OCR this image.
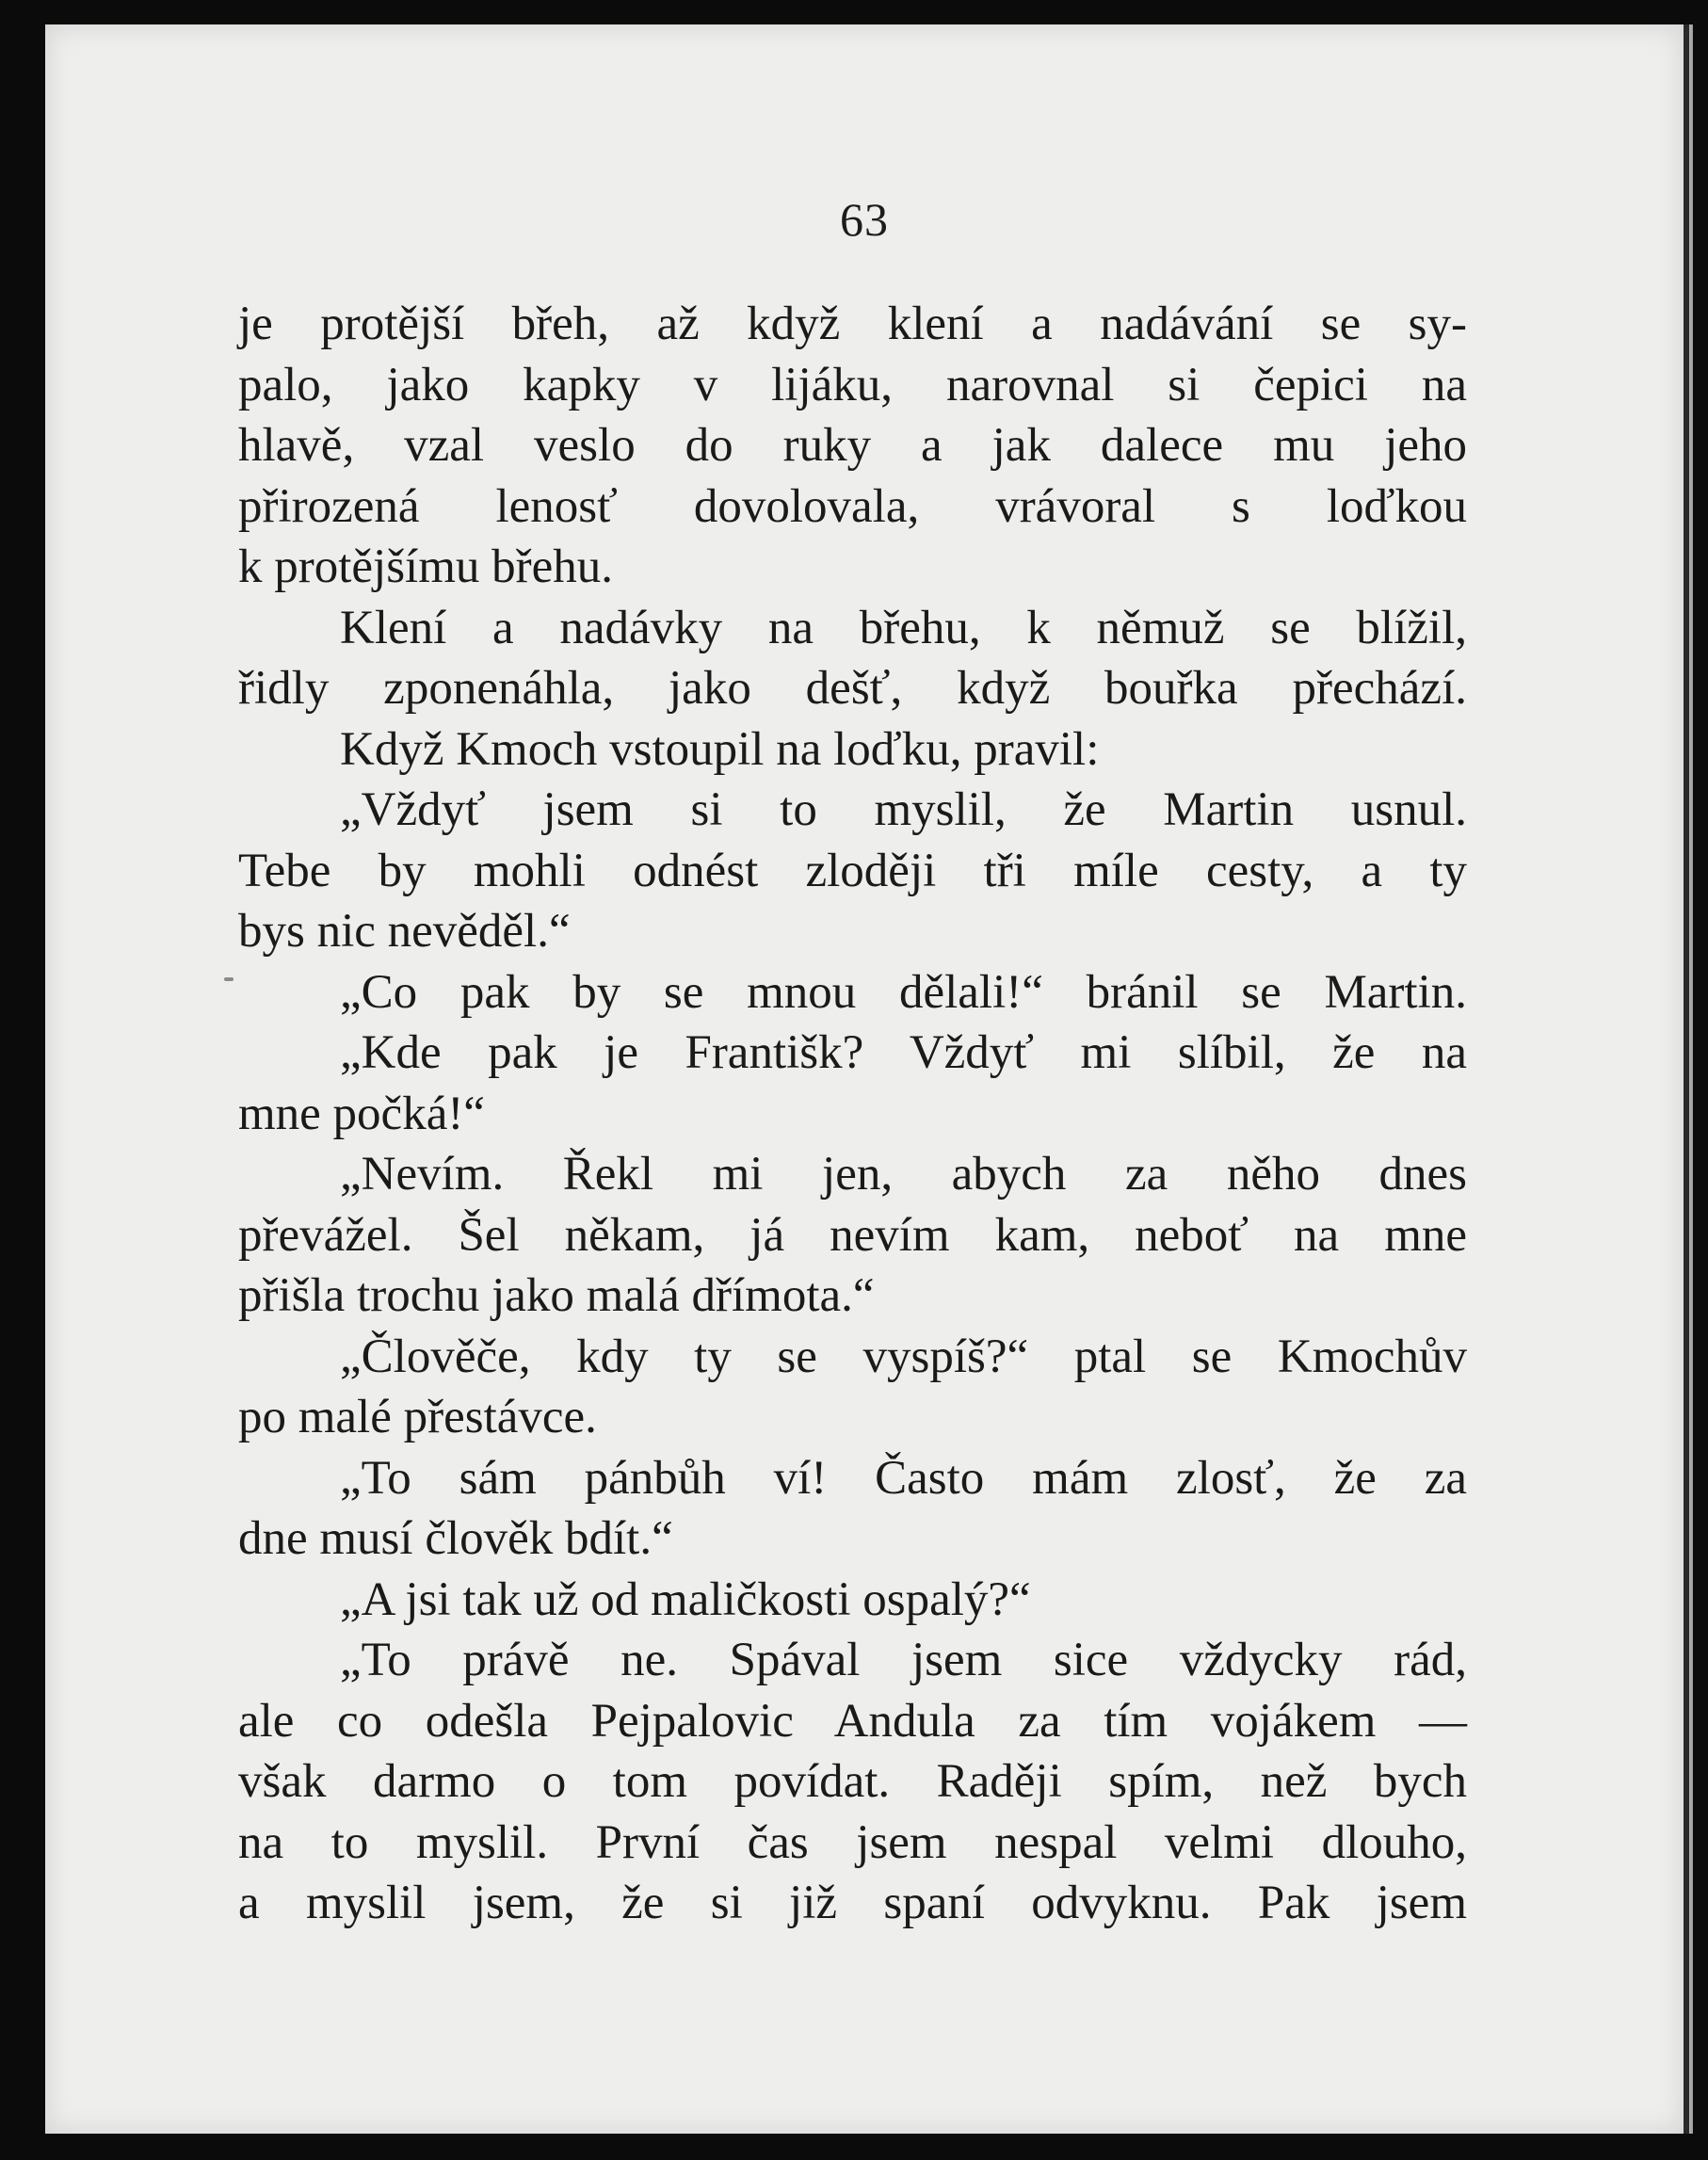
63
je protější břeh, až když klení a nadávání se sy-
palo, jako kapky v lijáku, narovnal si čepici na
hlavě, vzal veslo do ruky a jak dalece mu jeho
přirozená lenosť dovolovala, vrávoral s loďkou
k protějšímu břehu.
Klení a nadávky na břehu, k němuž se blížil,
řidly zponenáhla, jako dešť, když bouřka přechází.
Když Kmoch vstoupil na loďku, pravil:
„Vždyť jsem si to myslil, že Martin usnul.
Tebe by mohli odnést zloději tři míle cesty, a ty
bys nic nevěděl.“
„Co pak by se mnou dělali!“ bránil se Martin.
„Kde pak je Františk? Vždyť mi slíbil, že na
mne počká!“
„Nevím. Řekl mi jen, abych za něho dnes
převážel. Šel někam, já nevím kam, neboť na mne
přišla trochu jako malá dřímota.“
„Člověče, kdy ty se vyspíš?“ ptal se Kmochův
po malé přestávce.
„To sám pánbůh ví! Často mám zlosť, že za
dne musí člověk bdít.“
„A jsi tak už od maličkosti ospalý?“
„To právě ne. Spával jsem sice vždycky rád,
ale co odešla Pejpalovic Andula za tím vojákem —
však darmo o tom povídat. Raději spím, než bych
na to myslil. První čas jsem nespal velmi dlouho,
a myslil jsem, že si již spaní odvyknu. Pak jsem
